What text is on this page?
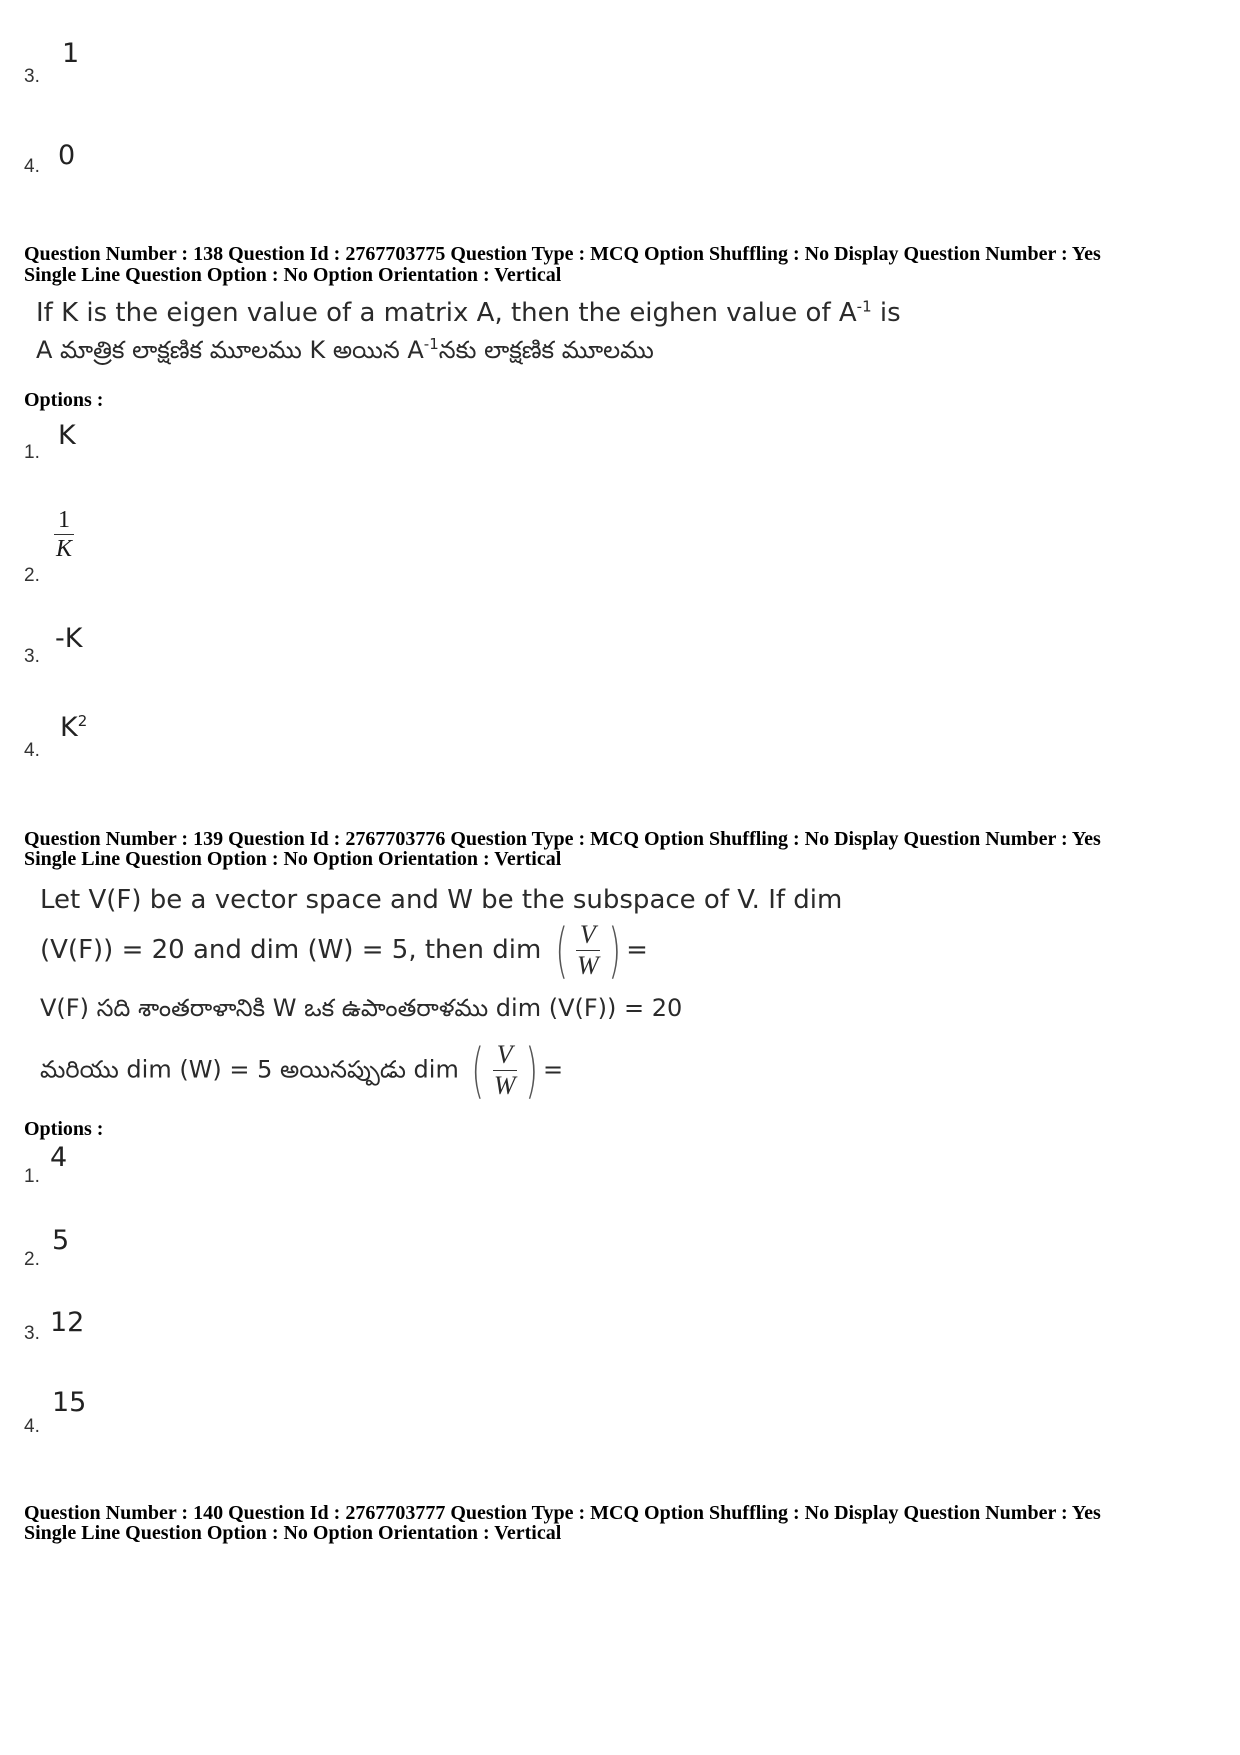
1
3.
0
4.
Question Number : 138 Question Id : 2767703775 Question Type : MCQ Option Shuffling : No Display Question Number : Yes
Single Line Question Option : No Option Orientation : Vertical
If K is the eigen value of a matrix A, then the eighen value of $A^{-1}$ is
A మాత్రిక లాక్షణిక మూలము K అయిన $A^{-1}నకు$ లాక్షణిక మూలము
Options :
K
1.
$\frac{1}{K}$
2.
-K
3.
$K^2$
4.
Question Number : 139 Question Id : 2767703776 Question Type : MCQ Option Shuffling : No Display Question Number : Yes
Single Line Question Option : No Option Orientation : Vertical
Let V(F) be a vector space and W be the subspace of V. If dim
(V(F)) = 20 and dim (W) = 5, then dim ( $\frac{V}{W}$ ) =
V(F) సది శాంతరాళానికి W ఒక ఉపాంతరాళము dim (V(F)) = 20
మరియు dim (W) = 5 అయినప్పుడు dim ( $\frac{V}{W}$ ) =
Options :
4
1.
5
2.
12
3.
15
4.
Question Number : 140 Question Id : 2767703777 Question Type : MCQ Option Shuffling : No Display Question Number : Yes
Single Line Question Option : No Option Orientation : Vertical
